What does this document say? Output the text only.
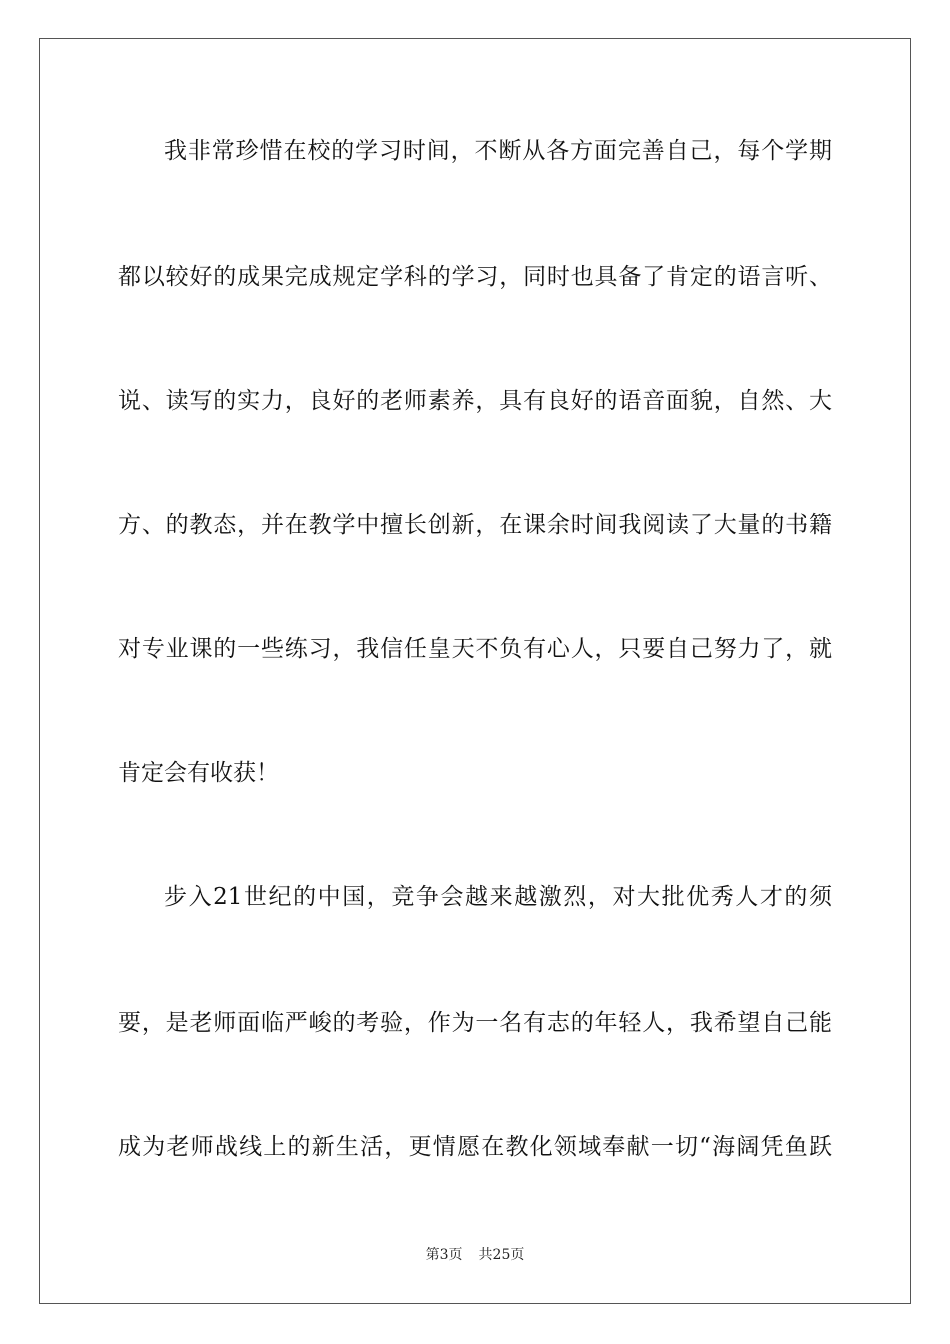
我非常珍惜在校的学习时间，不断从各方面完善自己，每个学期
都以较好的成果完成规定学科的学习，同时也具备了肯定的语言听、
说、读写的实力，良好的老师素养，具有良好的语音面貌，自然、大
方、的教态，并在教学中擅长创新，在课余时间我阅读了大量的书籍
对专业课的一些练习，我信任皇天不负有心人，只要自己努力了，就
肯定会有收获！
步入21世纪的中国，竞争会越来越激烈，对大批优秀人才的须
要，是老师面临严峻的考验，作为一名有志的年轻人，我希望自己能
成为老师战线上的新生活，更情愿在教化领域奉献一切“海阔凭鱼跃
第3页 共25页
